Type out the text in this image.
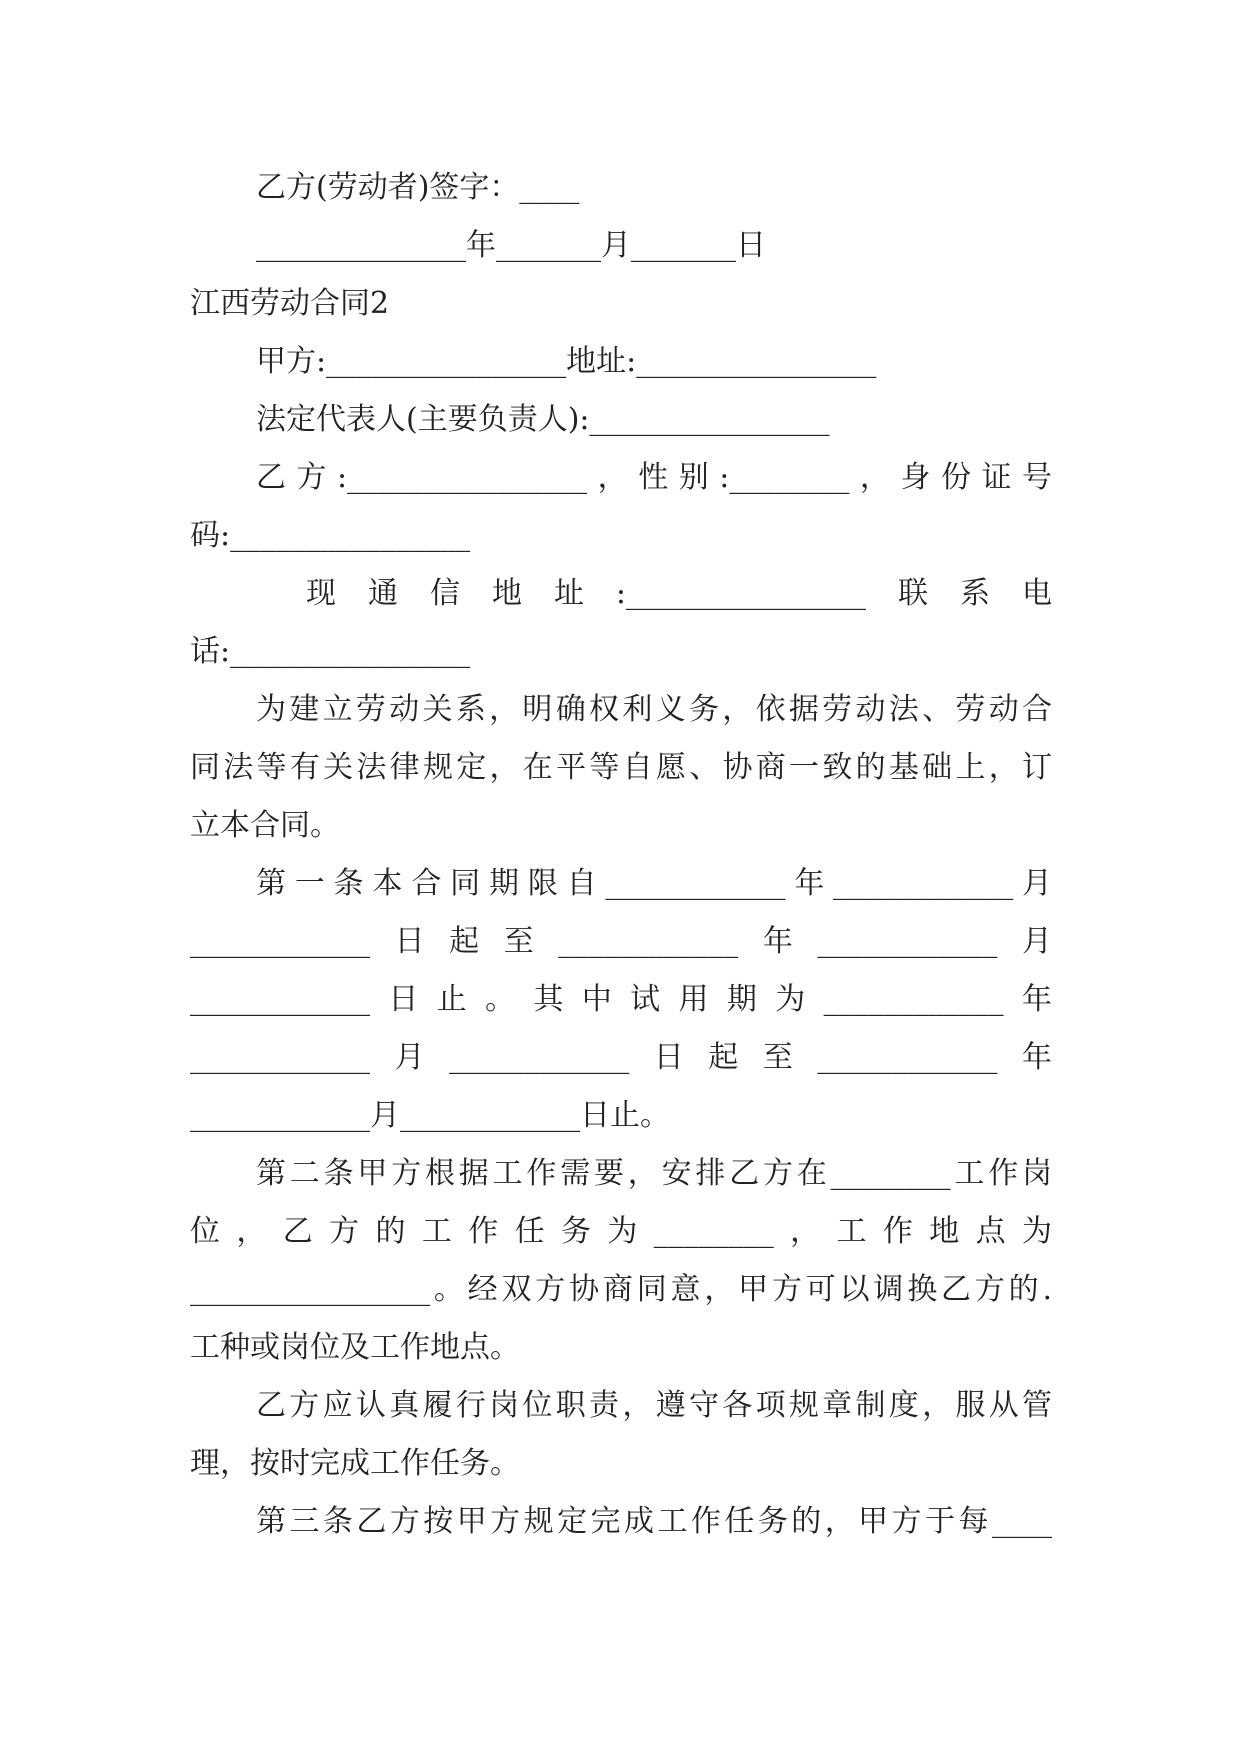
乙方(劳动者)签字：____
______________年_______月_______日
江西劳动合同2
甲方:________________地址:________________
法定代表人(主要负责人):________________
乙方:________________，性别:________，身份证号
码:________________
现通信地址:________________联系电
话:________________
为建立劳动关系，明确权利义务，依据劳动法、劳动合
同法等有关法律规定，在平等自愿、协商一致的基础上，订
立本合同。
第一条本合同期限自____________年____________月
____________日起至____________年____________月
____________日止。其中试用期为____________年
____________月____________日起至____________年
____________月____________日止。
第二条甲方根据工作需要，安排乙方在________工作岗
位，乙方的工作任务为________，工作地点为
________________。经双方协商同意，甲方可以调换乙方的.
工种或岗位及工作地点。
乙方应认真履行岗位职责，遵守各项规章制度，服从管
理，按时完成工作任务。
第三条乙方按甲方规定完成工作任务的，甲方于每____
